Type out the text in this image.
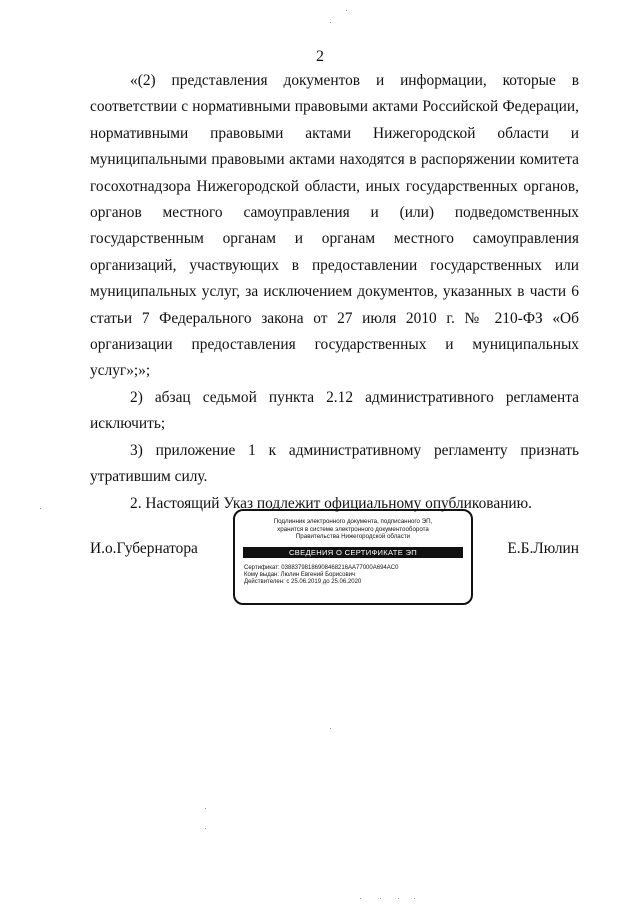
2

«(2) представления документов и информации, которые в соответствии с нормативными правовыми актами Российской Федерации, нормативными правовыми актами Нижегородской области и муниципальными правовыми актами находятся в распоряжении комитета госохотнадзора Нижегородской области, иных государственных органов, органов местного самоуправления и (или) подведомственных государственным органам и органам местного самоуправления организаций, участвующих в предоставлении государственных или муниципальных услуг, за исключением документов, указанных в части 6 статьи 7 Федерального закона от 27 июля 2010 г. № 210-ФЗ «Об организации предоставления государственных и муниципальных услуг»;»;

2) абзац седьмой пункта 2.12 административного регламента исключить;

3) приложение 1 к административному регламенту признать утратившим силу.

2. Настоящий Указ подлежит официальному опубликованию.

И.о.Губернатора	Е.Б.Люлин
Подлинник электронного документа, подписанного ЭП,
хранится в системе электронного документооборота
Правительства Нижегородской области
СВЕДЕНИЯ О СЕРТИФИКАТЕ ЭП
Сертификат: 03883798186908468216AA77000A694AC0
Кому выдан: Люлин Евгений Борисович
Действителен: с 25.06.2019 до 25.06.2020
